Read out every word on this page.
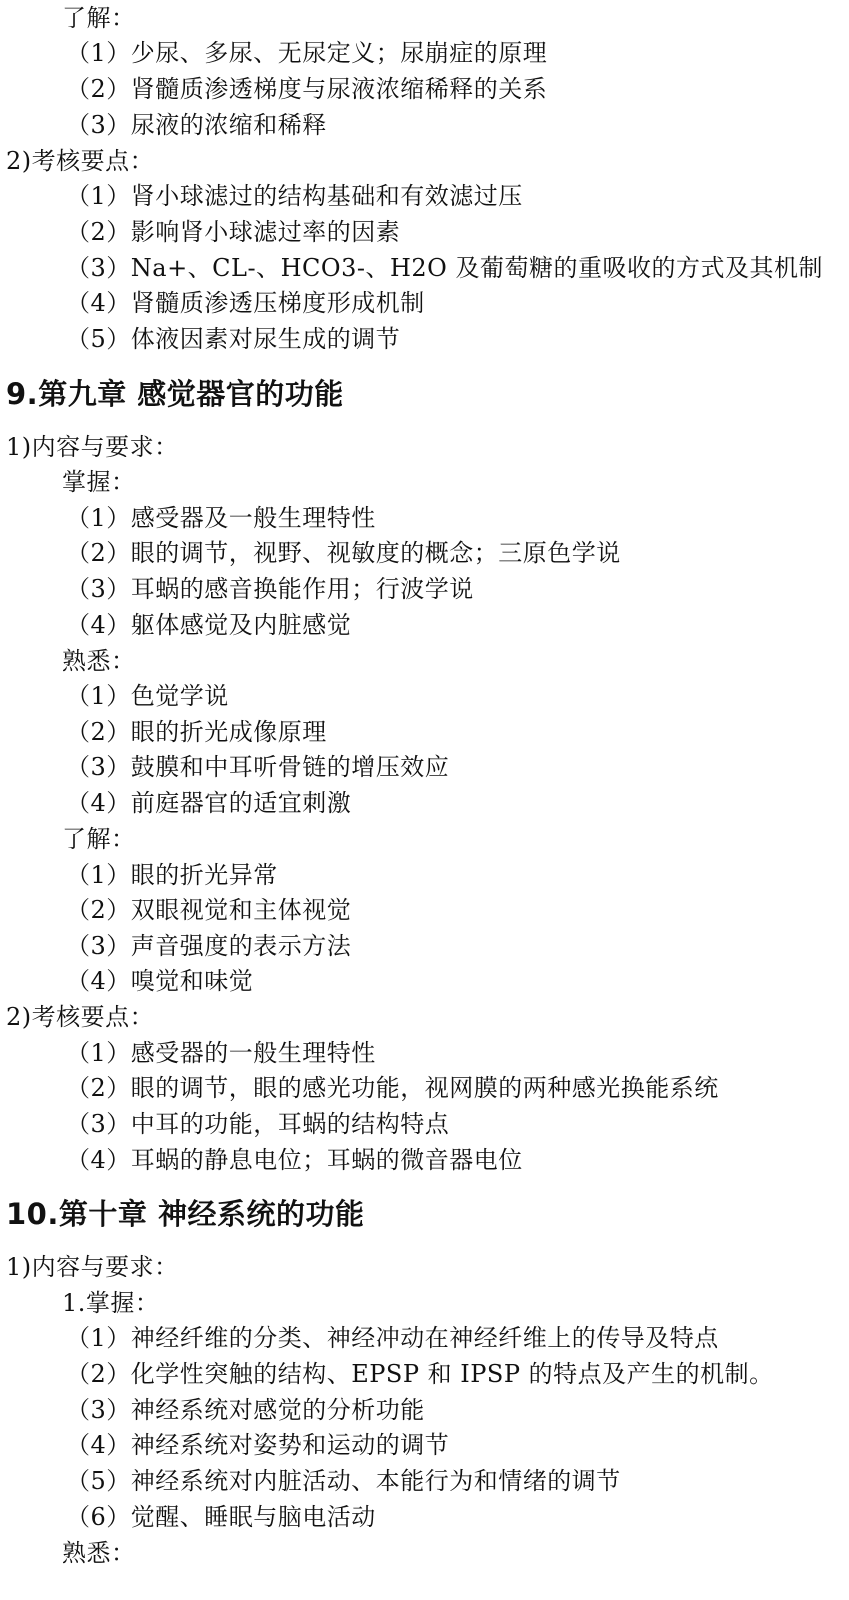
了解：
（1）少尿、多尿、无尿定义；尿崩症的原理
（2）肾髓质渗透梯度与尿液浓缩稀释的关系
（3）尿液的浓缩和稀释
2)考核要点：
（1）肾小球滤过的结构基础和有效滤过压
（2）影响肾小球滤过率的因素
（3）Na+、CL-、HCO3-、H2O 及葡萄糖的重吸收的方式及其机制
（4）肾髓质渗透压梯度形成机制
（5）体液因素对尿生成的调节
9.第九章 感觉器官的功能
1)内容与要求：
掌握：
（1）感受器及一般生理特性
（2）眼的调节，视野、视敏度的概念；三原色学说
（3）耳蜗的感音换能作用；行波学说
（4）躯体感觉及内脏感觉
熟悉：
（1）色觉学说
（2）眼的折光成像原理
（3）鼓膜和中耳听骨链的增压效应
（4）前庭器官的适宜刺激
了解：
（1）眼的折光异常
（2）双眼视觉和主体视觉
（3）声音强度的表示方法
（4）嗅觉和味觉
2)考核要点：
（1）感受器的一般生理特性
（2）眼的调节，眼的感光功能，视网膜的两种感光换能系统
（3）中耳的功能，耳蜗的结构特点
（4）耳蜗的静息电位；耳蜗的微音器电位
10.第十章 神经系统的功能
1)内容与要求：
1.掌握：
（1）神经纤维的分类、神经冲动在神经纤维上的传导及特点
（2）化学性突触的结构、EPSP 和 IPSP 的特点及产生的机制。
（3）神经系统对感觉的分析功能
（4）神经系统对姿势和运动的调节
（5）神经系统对内脏活动、本能行为和情绪的调节
（6）觉醒、睡眠与脑电活动
熟悉：
